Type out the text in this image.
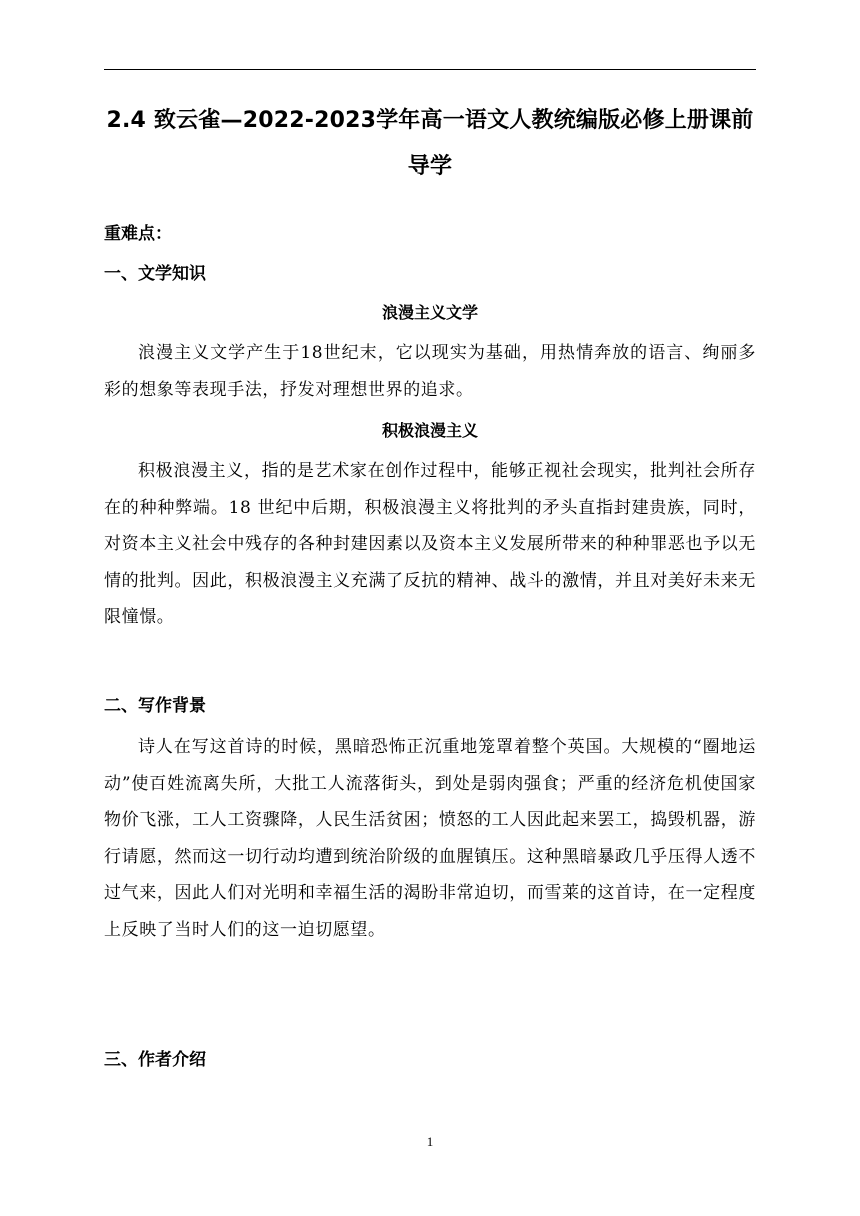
2.4 致云雀—2022-2023学年高一语文人教统编版必修上册课前导学
重难点：
一、文学知识
浪漫主义文学

浪漫主义文学产生于18世纪末，它以现实为基础，用热情奔放的语言、绚丽多彩的想象等表现手法，抒发对理想世界的追求。

积极浪漫主义

积极浪漫主义，指的是艺术家在创作过程中，能够正视社会现实，批判社会所存在的种种弊端。18 世纪中后期，积极浪漫主义将批判的矛头直指封建贵族，同时，对资本主义社会中残存的各种封建因素以及资本主义发展所带来的种种罪恶也予以无情的批判。因此，积极浪漫主义充满了反抗的精神、战斗的激情，并且对美好未来无限憧憬。

二、写作背景

诗人在写这首诗的时候，黑暗恐怖正沉重地笼罩着整个英国。大规模的“圈地运动”使百姓流离失所，大批工人流落街头，到处是弱肉强食；严重的经济危机使国家物价飞涨，工人工资骤降，人民生活贫困；愤怒的工人因此起来罢工，捣毁机器，游行请愿，然而这一切行动均遭到统治阶级的血腥镇压。这种黑暗暴政几乎压得人透不过气来，因此人们对光明和幸福生活的渴盼非常迫切，而雪莱的这首诗，在一定程度上反映了当时人们的这一迫切愿望。

三、作者介绍
1
